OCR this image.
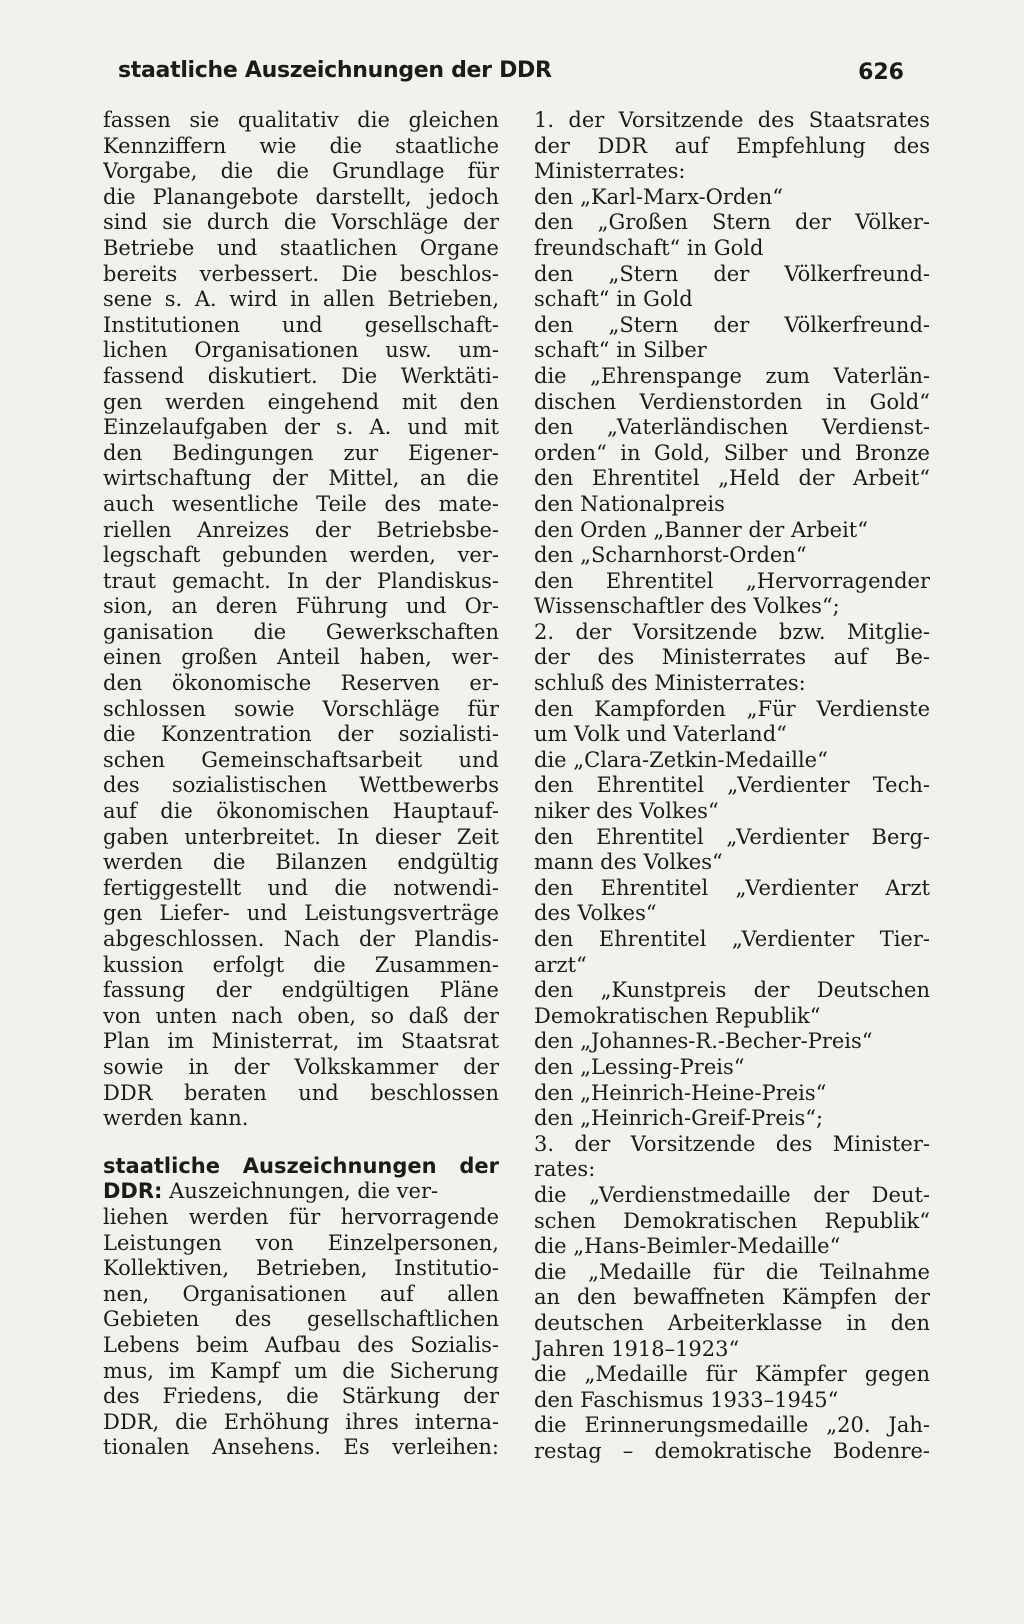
staatliche Auszeichnungen der DDR	626
fassen sie qualitativ die gleichen
Kennziffern wie die staatliche
Vorgabe, die die Grundlage für
die Planangebote darstellt, jedoch
sind sie durch die Vorschläge der
Betriebe und staatlichen Organe
bereits verbessert. Die beschlos-
sene s. A. wird in allen Betrieben,
Institutionen und gesellschaft-
lichen Organisationen usw. um-
fassend diskutiert. Die Werktäti-
gen werden eingehend mit den
Einzelaufgaben der s. A. und mit
den Bedingungen zur Eigener-
wirtschaftung der Mittel, an die
auch wesentliche Teile des mate-
riellen Anreizes der Betriebsbe-
legschaft gebunden werden, ver-
traut gemacht. In der Plandiskus-
sion, an deren Führung und Or-
ganisation die Gewerkschaften
einen großen Anteil haben, wer-
den ökonomische Reserven er-
schlossen sowie Vorschläge für
die Konzentration der sozialisti-
schen Gemeinschaftsarbeit und
des sozialistischen Wettbewerbs
auf die ökonomischen Hauptauf-
gaben unterbreitet. In dieser Zeit
werden die Bilanzen endgültig
fertiggestellt und die notwendi-
gen Liefer- und Leistungsverträge
abgeschlossen. Nach der Plandis-
kussion erfolgt die Zusammen-
fassung der endgültigen Pläne
von unten nach oben, so daß der
Plan im Ministerrat, im Staatsrat
sowie in der Volkskammer der
DDR beraten und beschlossen
werden kann.
staatliche Auszeichnungen der
DDR: Auszeichnungen, die ver-
liehen werden für hervorragende
Leistungen von Einzelpersonen,
Kollektiven, Betrieben, Institutio-
nen, Organisationen auf allen
Gebieten des gesellschaftlichen
Lebens beim Aufbau des Sozialis-
mus, im Kampf um die Sicherung
des Friedens, die Stärkung der
DDR, die Erhöhung ihres interna-
tionalen Ansehens. Es verleihen:
1. der Vorsitzende des Staatsrates
der DDR auf Empfehlung des
Ministerrates:
den „Karl-Marx-Orden“
den „Großen Stern der Völker-
freundschaft“ in Gold
den „Stern der Völkerfreund-
schaft“ in Gold
den „Stern der Völkerfreund-
schaft“ in Silber
die „Ehrenspange zum Vaterlän-
dischen Verdienstorden in Gold“
den „Vaterländischen Verdienst-
orden“ in Gold, Silber und Bronze
den Ehrentitel „Held der Arbeit“
den Nationalpreis
den Orden „Banner der Arbeit“
den „Scharnhorst-Orden“
den Ehrentitel „Hervorragender
Wissenschaftler des Volkes“;
2. der Vorsitzende bzw. Mitglie-
der des Ministerrates auf Be-
schluß des Ministerrates:
den Kampforden „Für Verdienste
um Volk und Vaterland“
die „Clara-Zetkin-Medaille“
den Ehrentitel „Verdienter Tech-
niker des Volkes“
den Ehrentitel „Verdienter Berg-
mann des Volkes“
den Ehrentitel „Verdienter Arzt
des Volkes“
den Ehrentitel „Verdienter Tier-
arzt“
den „Kunstpreis der Deutschen
Demokratischen Republik“
den „Johannes-R.-Becher-Preis“
den „Lessing-Preis“
den „Heinrich-Heine-Preis“
den „Heinrich-Greif-Preis“;
3. der Vorsitzende des Minister-
rates:
die „Verdienstmedaille der Deut-
schen Demokratischen Republik“
die „Hans-Beimler-Medaille“
die „Medaille für die Teilnahme
an den bewaffneten Kämpfen der
deutschen Arbeiterklasse in den
Jahren 1918–1923“
die „Medaille für Kämpfer gegen
den Faschismus 1933–1945“
die Erinnerungsmedaille „20. Jah-
restag – demokratische Bodenre-
